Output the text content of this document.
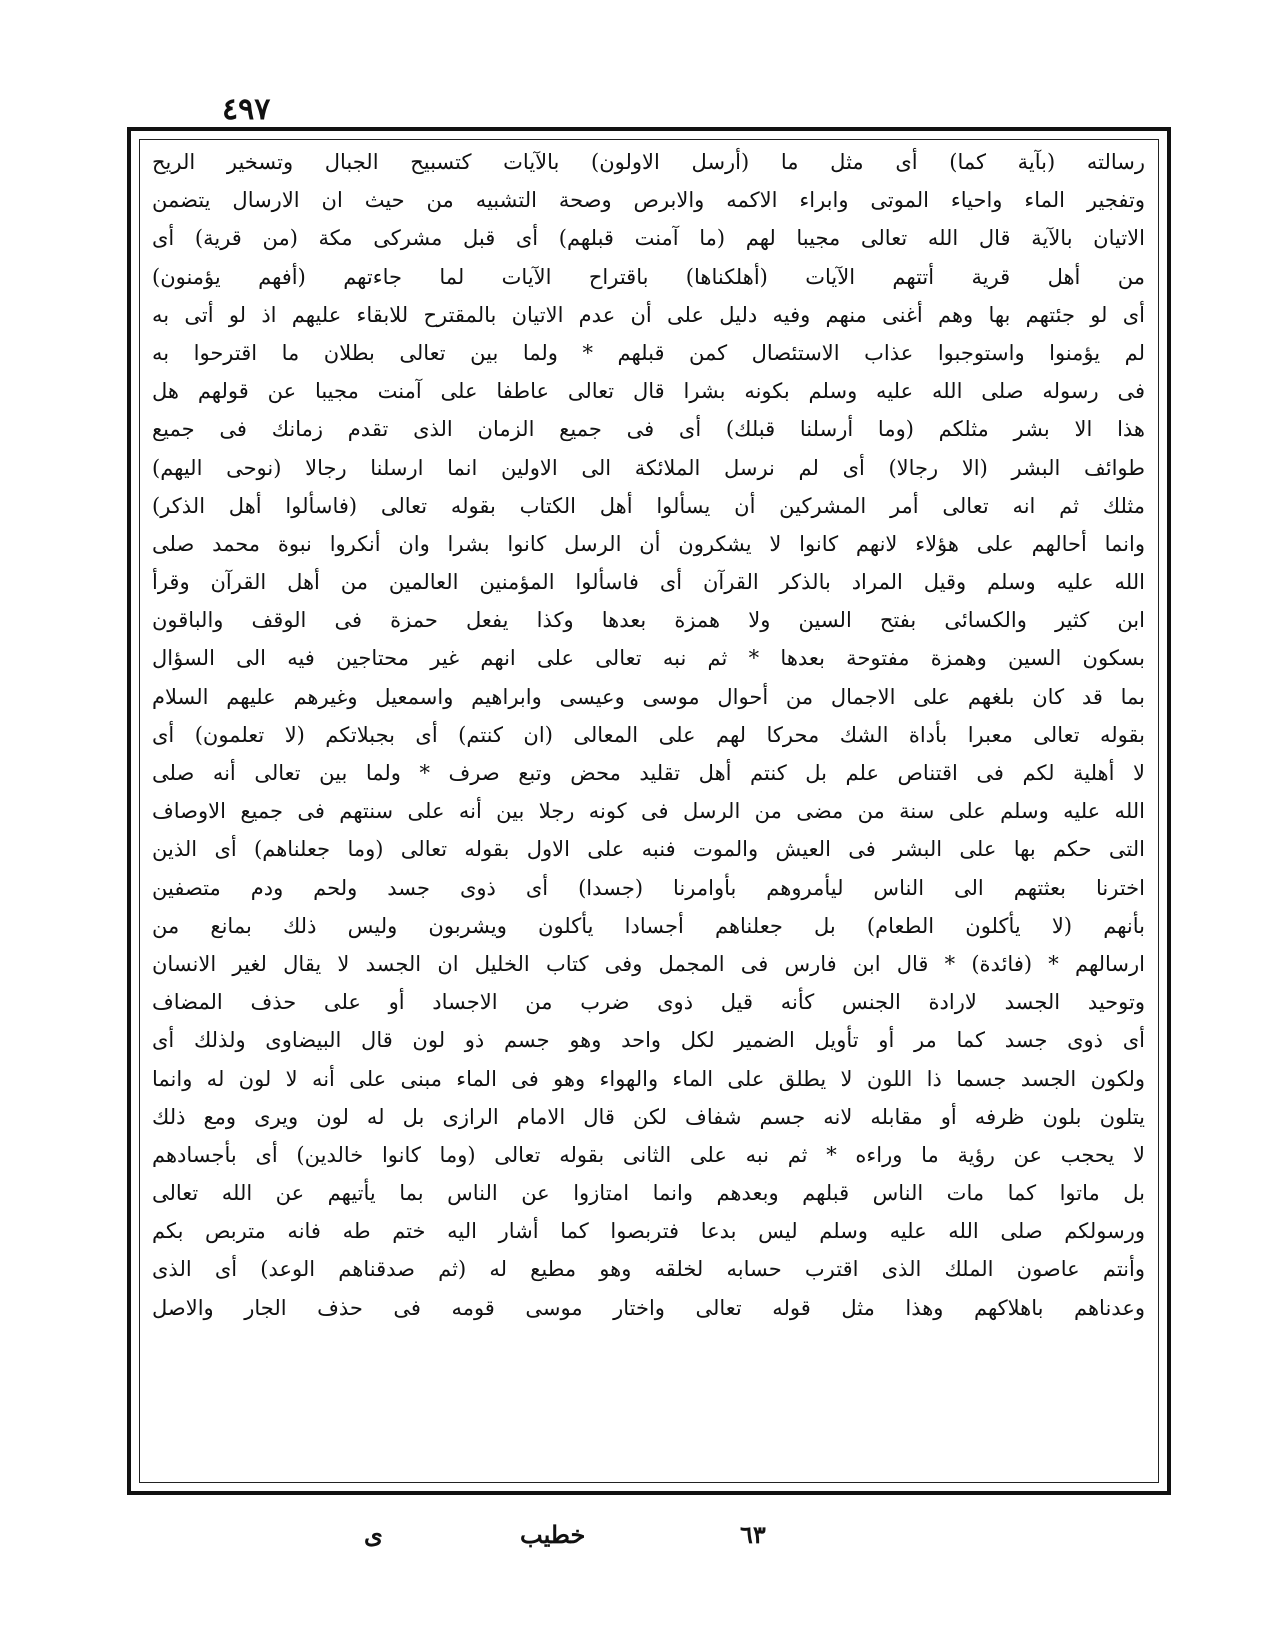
٤٩٧
رسالته (بآية كما) أى مثل ما (أرسل الاولون) بالآيات كتسبيح الجبال وتسخير الريح
وتفجير الماء واحياء الموتى وابراء الاكمه والابرص وصحة التشبيه من حيث ان الارسال يتضمن
الاتيان بالآية قال الله تعالى مجيبا لهم (ما آمنت قبلهم) أى قبل مشركى مكة (من قرية) أى
من أهل قرية أتتهم الآيات (أهلكناها) باقتراح الآيات لما جاءتهم (أفهم يؤمنون)
أى لو جئتهم بها وهم أغنى منهم وفيه دليل على أن عدم الاتيان بالمقترح للابقاء عليهم اذ لو أتى به
لم يؤمنوا واستوجبوا عذاب الاستئصال كمن قبلهم * ولما بين تعالى بطلان ما اقترحوا به
فى رسوله صلى الله عليه وسلم بكونه بشرا قال تعالى عاطفا على آمنت مجيبا عن قولهم هل
هذا الا بشر مثلكم (وما أرسلنا قبلك) أى فى جميع الزمان الذى تقدم زمانك فى جميع
طوائف البشر (الا رجالا) أى لم نرسل الملائكة الى الاولين انما ارسلنا رجالا (نوحى اليهم)
مثلك ثم انه تعالى أمر المشركين أن يسألوا أهل الكتاب بقوله تعالى (فاسألوا أهل الذكر)
وانما أحالهم على هؤلاء لانهم كانوا لا يشكرون أن الرسل كانوا بشرا وان أنكروا نبوة محمد صلى
الله عليه وسلم وقيل المراد بالذكر القرآن أى فاسألوا المؤمنين العالمين من أهل القرآن وقرأ
ابن كثير والكسائى بفتح السين ولا همزة بعدها وكذا يفعل حمزة فى الوقف والباقون
بسكون السين وهمزة مفتوحة بعدها * ثم نبه تعالى على انهم غير محتاجين فيه الى السؤال
بما قد كان بلغهم على الاجمال من أحوال موسى وعيسى وابراهيم واسمعيل وغيرهم عليهم السلام
بقوله تعالى معبرا بأداة الشك محركا لهم على المعالى (ان كنتم) أى بجبلاتكم (لا تعلمون) أى
لا أهلية لكم فى اقتناص علم بل كنتم أهل تقليد محض وتبع صرف * ولما بين تعالى أنه صلى
الله عليه وسلم على سنة من مضى من الرسل فى كونه رجلا بين أنه على سنتهم فى جميع الاوصاف
التى حكم بها على البشر فى العيش والموت فنبه على الاول بقوله تعالى (وما جعلناهم) أى الذين
اخترنا بعثتهم الى الناس ليأمروهم بأوامرنا (جسدا) أى ذوى جسد ولحم ودم متصفين
بأنهم (لا يأكلون الطعام) بل جعلناهم أجسادا يأكلون ويشربون وليس ذلك بمانع من
ارسالهم * (فائدة) * قال ابن فارس فى المجمل وفى كتاب الخليل ان الجسد لا يقال لغير الانسان
وتوحيد الجسد لارادة الجنس كأنه قيل ذوى ضرب من الاجساد أو على حذف المضاف
أى ذوى جسد كما مر أو تأويل الضمير لكل واحد وهو جسم ذو لون قال البيضاوى ولذلك أى
ولكون الجسد جسما ذا اللون لا يطلق على الماء والهواء وهو فى الماء مبنى على أنه لا لون له وانما
يتلون بلون ظرفه أو مقابله لانه جسم شفاف لكن قال الامام الرازى بل له لون ويرى ومع ذلك
لا يحجب عن رؤية ما وراءه * ثم نبه على الثانى بقوله تعالى (وما كانوا خالدين) أى بأجسادهم
بل ماتوا كما مات الناس قبلهم وبعدهم وانما امتازوا عن الناس بما يأتيهم عن الله تعالى
ورسولكم صلى الله عليه وسلم ليس بدعا فتربصوا كما أشار اليه ختم طه فانه متربص بكم
وأنتم عاصون الملك الذى اقترب حسابه لخلقه وهو مطيع له (ثم صدقناهم الوعد) أى الذى
وعدناهم باهلاكهم وهذا مثل قوله تعالى واختار موسى قومه فى حذف الجار والاصل
٦٣
خطيب
ى
